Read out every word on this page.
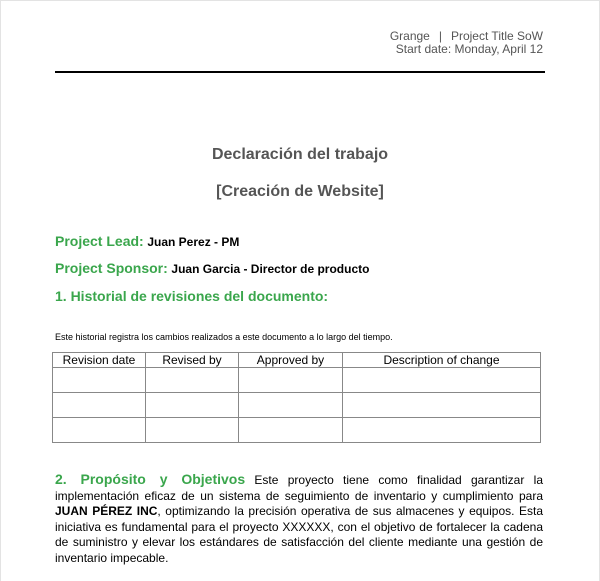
Grange | Project Title SoW
Start date: Monday, April 12
Declaración del trabajo
[Creación de Website]
Project Lead: Juan Perez - PM
Project Sponsor: Juan Garcia - Director de producto
1. Historial de revisiones del documento:
Este historial registra los cambios realizados a este documento a lo largo del tiempo.
Revision date	Revised by	Approved by	Description of change

2. Propósito y Objetivos Este proyecto tiene como finalidad garantizar la implementación eficaz de un sistema de seguimiento de inventario y cumplimiento para JUAN PÉREZ INC, optimizando la precisión operativa de sus almacenes y equipos. Esta iniciativa es fundamental para el proyecto XXXXXX, con el objetivo de fortalecer la cadena de suministro y elevar los estándares de satisfacción del cliente mediante una gestión de inventario impecable.
